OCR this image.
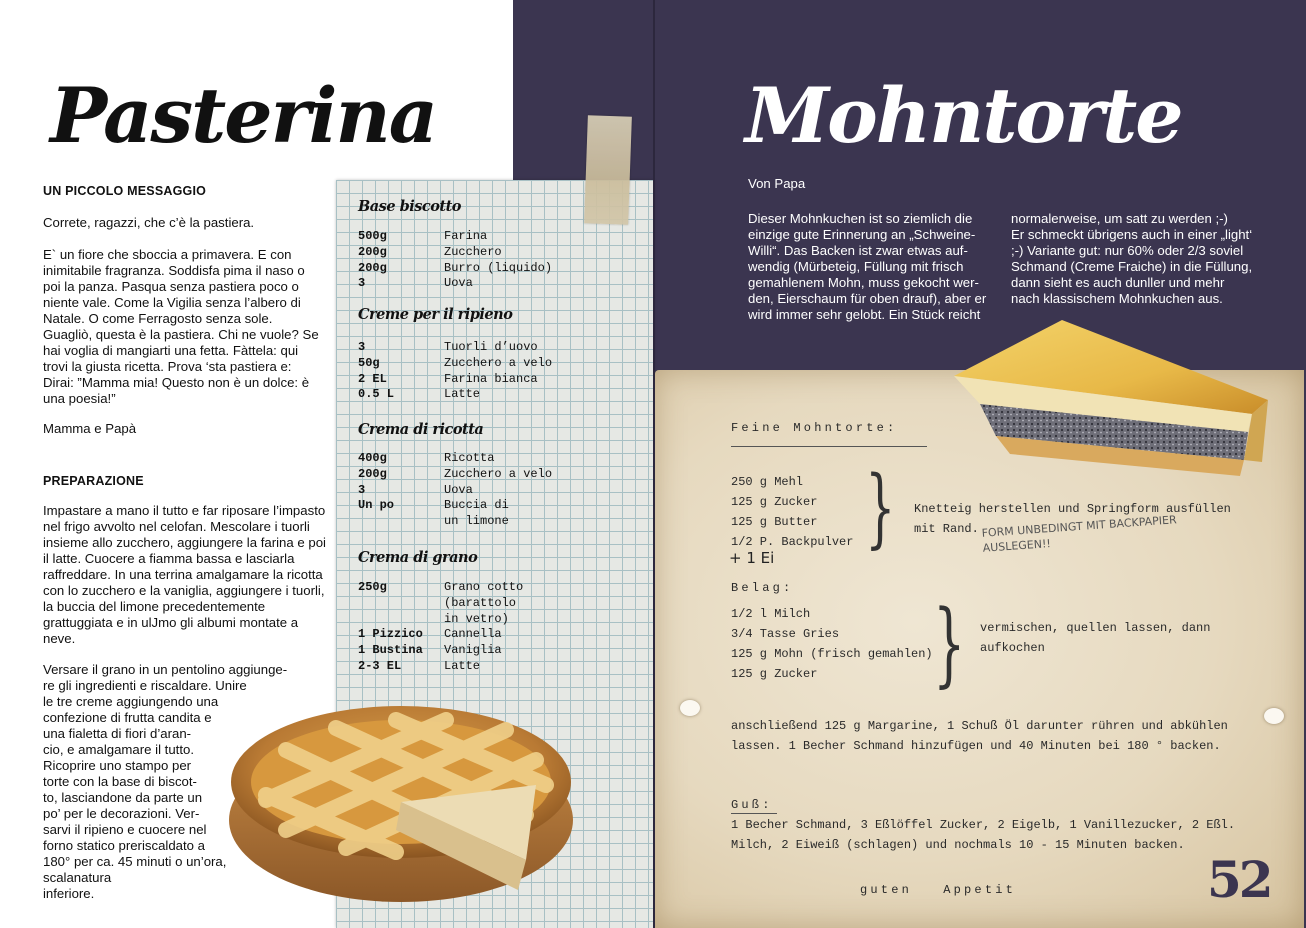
Pasterina
UN PICCOLO MESSAGGIO

Correte, ragazzi, che c’è la pastiera.

E` un fiore che sboccia a primavera. E con inimitabile fragranza. Soddisfa pima il naso o poi la panza. Pasqua senza pastiera poco o niente vale. Come la Vigilia senza l’albero di Natale. O come Ferragosto senza sole. Guagliò, questa è la pastiera. Chi ne vuole? Se hai voglia di mangiarti una fetta. Fàttela: qui trovi la giusta ricetta. Prova ‘sta pastiera e: Dirai: ”Mamma mia! Questo non è un dolce: è una poesia!”

Mamma e Papà
PREPARAZIONE
Impastare a mano il tutto e far riposare l’impasto nel frigo avvolto nel celofan. Mescolare i tuorli insieme allo zucchero, aggiungere la farina e poi il latte. Cuocere a fiamma bassa e lasciarla raffreddare. In una terrina amalgamare la ricotta con lo zucchero e la vaniglia, aggiungere i tuorli, la buccia del limone precedentemente grattuggiata e in ulJmo gli albumi montate a neve.
Base biscotto
500g	Farina
200g	Zucchero
200g	Burro (liquido)
3	Uova
Creme per il ripieno
3	Tuorli d’uovo
50g	Zucchero a velo
2 EL	Farina bianca
0.5 L	Latte
Crema di ricotta
400g	Ricotta
200g	Zucchero a velo
3	Uova
Un po	Buccia di
un limone
Crema di grano
250g	Grano cotto
(barattolo
in vetro)
1 Pizzico	Cannella
1 Bustina	Vaniglia
2-3 EL	Latte
Versare il grano in un pentolino aggiunge-
re gli ingredienti e riscaldare. Unire
le tre creme aggiungendo una
confezione di frutta candita e
una fialetta di fiori d’aran-
cio, e amalgamare il tutto.
Ricoprire uno stampo per
torte con la base di biscot-
to, lasciandone da parte un
po’ per le decorazioni. Ver-
sarvi il ripieno e cuocere nel
forno statico preriscaldato a
180° per ca. 45 minuti o un’ora,
scalanatura
inferiore.
Mohntorte
Von Papa
Dieser Mohnkuchen ist so ziemlich die
einzige gute Erinnerung an „Schweine-
Willi“. Das Backen ist zwar etwas auf-
wendig (Mürbeteig, Füllung mit frisch
gemahlenem Mohn, muss gekocht wer-
den, Eierschaum für oben drauf), aber er
wird immer sehr gelobt. Ein Stück reicht
normalerweise, um satt zu werden ;-)
Er schmeckt übrigens auch in einer „light‘
;-) Variante gut: nur 60% oder 2/3 soviel
Schmand (Creme Fraiche) in die Füllung,
dann sieht es auch dunller und mehr
nach klassischem Mohnkuchen aus.
Feine Mohntorte:
250 g Mehl
125 g Zucker
125 g Butter
1/2 P. Backpulver }
+ 1 Ei
Knetteig herstellen und Springform ausfüllen
mit Rand. FORM UNBEDINGT MIT BACKPAPIER
AUSLEGEN!!
Belag:
1/2 l Milch
3/4 Tasse Gries
125 g Mohn (frisch gemahlen)
125 g Zucker	} vermischen, quellen lassen, dann
aufkochen
anschließend 125 g Margarine, 1 Schuß Öl darunter rühren und abkühlen
lassen. 1 Becher Schmand hinzufügen und 40 Minuten bei 180 ° backen.
Guß:
1 Becher Schmand, 3 Eßlöffel Zucker, 2 Eigelb, 1 Vanillezucker, 2 Eßl.
Milch, 2 Eiweiß (schlagen) und nochmals 10 - 15 Minuten backen.
guten   Appetit	52
